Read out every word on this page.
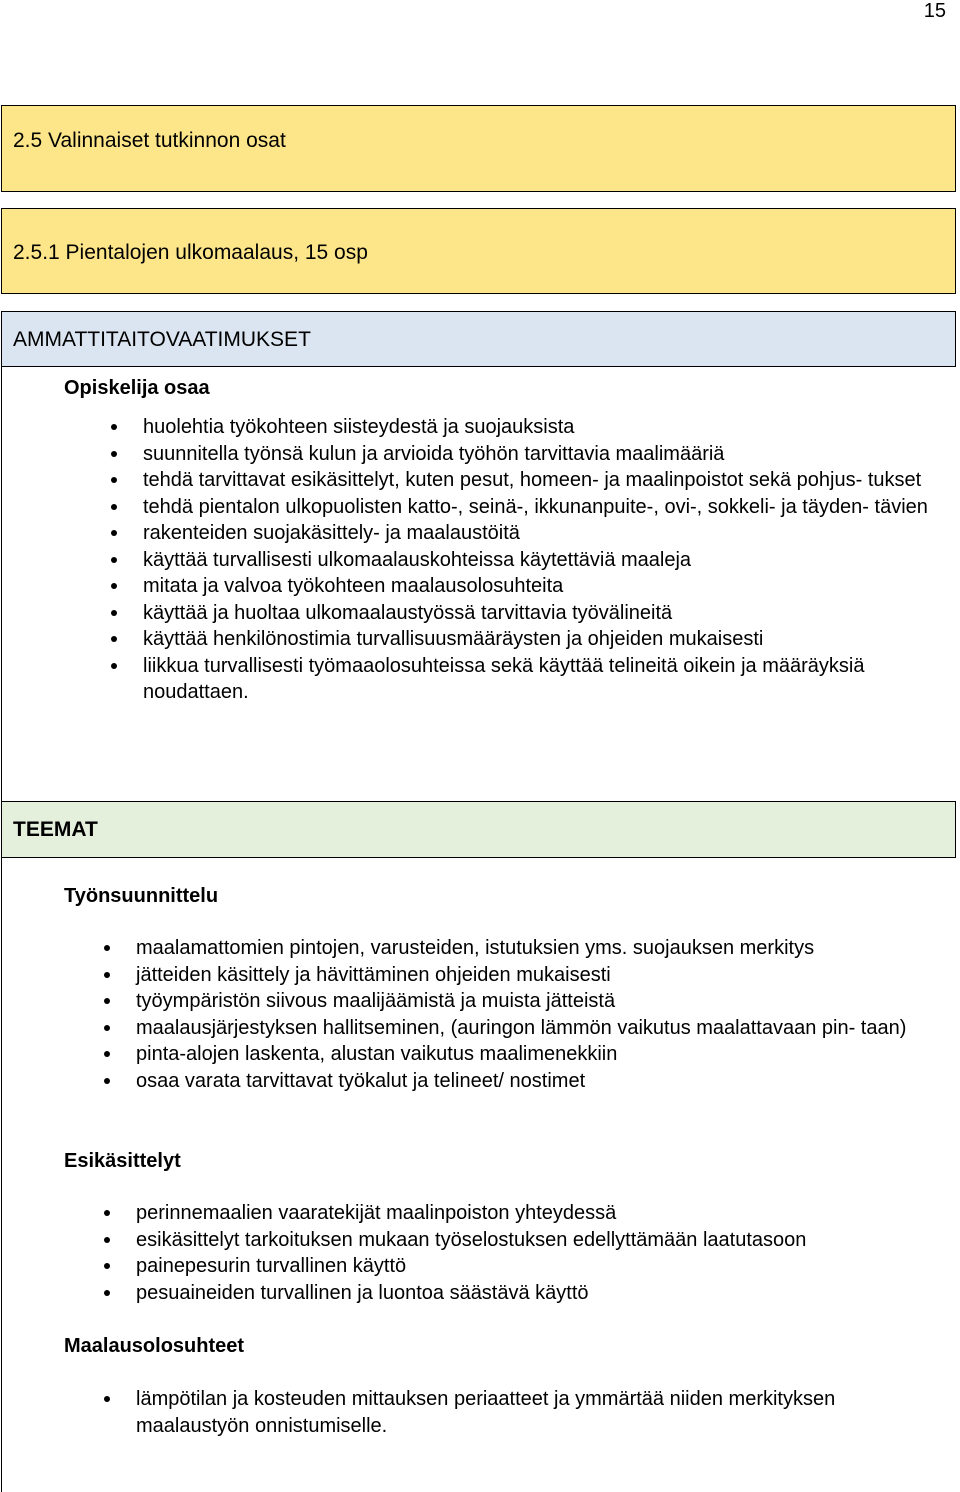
15
2.5 Valinnaiset tutkinnon osat
2.5.1 Pientalojen ulkomaalaus, 15 osp
AMMATTITAITOVAATIMUKSET
Opiskelija osaa
huolehtia työkohteen siisteydestä ja suojauksista
suunnitella työnsä kulun ja arvioida työhön tarvittavia maalimääriä
tehdä tarvittavat esikäsittelyt, kuten pesut, homeen- ja maalinpoistot sekä pohjus- tukset
tehdä pientalon ulkopuolisten katto-, seinä-, ikkunanpuite-, ovi-, sokkeli- ja täyden- tävien
rakenteiden suojakäsittely- ja maalaustöitä
käyttää turvallisesti ulkomaalauskohteissa käytettäviä maaleja
mitata ja valvoa työkohteen maalausolosuhteita
käyttää ja huoltaa ulkomaalaustyössä tarvittavia työvälineitä
käyttää henkilönostimia turvallisuusmääräysten ja ohjeiden mukaisesti
liikkua turvallisesti työmaaolosuhteissa sekä käyttää telineitä oikein ja määräyksiä noudattaen.
TEEMAT
Työnsuunnittelu
maalamattomien pintojen, varusteiden, istutuksien yms. suojauksen merkitys
jätteiden käsittely ja hävittäminen ohjeiden mukaisesti
työympäristön siivous maalijäämistä ja muista jätteistä
maalausjärjestyksen hallitseminen, (auringon lämmön vaikutus maalattavaan pin- taan)
pinta-alojen laskenta, alustan vaikutus maalimenekkiin
osaa varata tarvittavat työkalut ja telineet/ nostimet
Esikäsittelyt
perinnemaalien vaaratekijät maalinpoiston yhteydessä
esikäsittelyt tarkoituksen mukaan työselostuksen edellyttämään laatutasoon
painepesurin turvallinen käyttö
pesuaineiden turvallinen ja luontoa säästävä käyttö
Maalausolosuhteet
lämpötilan ja kosteuden mittauksen periaatteet ja ymmärtää niiden merkityksen maalaustyön onnistumiselle.
